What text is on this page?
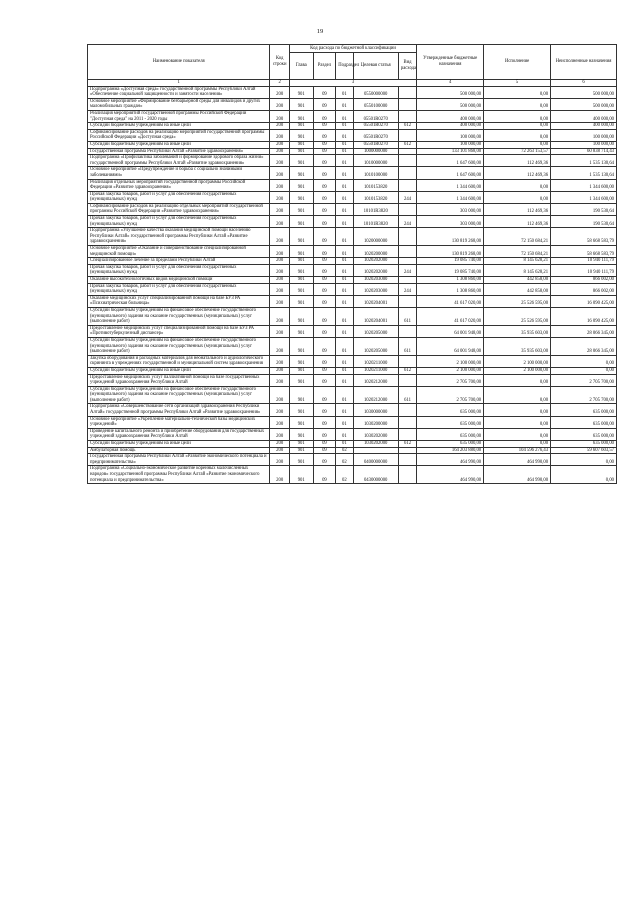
19
Наименование показателя	Код строки	Код расхода по бюджетной классификации					Утвержденные бюджетные назначения	Исполнение	Неисполненные назначения
		Глава	Раздел	Подраздел	Целевая статья	Вид расхода			
1	2	3					4	5	6
Подпрограмма «Доступная среда» государственной программы Республики Алтай «Обеспечение социальной защищенности и занятости населения»	200	901	09	01	0550000000		500 000,00	0,00	500 000,00
Основное мероприятие «Формирование безбарьерной среды для инвалидов и других маломобильных граждан»	200	901	09	01	0550100000		500 000,00	0,00	500 000,00
Реализация мероприятий государственной программы Российской Федерации "Доступная среда" на 2011 - 2020 годы	200	901	09	01	05501R0270		400 000,00	0,00	400 000,00
Субсидии бюджетным учреждениям на иные цели	200	901	09	01	05501R0270	612	400 000,00	0,00	400 000,00
Софинансирование расходов на реализацию мероприятий государственной программы Российской Федерации «Доступная среда»	200	901	09	01	05501R0270		100 000,00	0,00	100 000,00
Субсидии бюджетным учреждениям на иные цели	200	901	09	01	05501R0270	612	100 000,00	0,00	100 000,00
Государственная программа Республики Алтай «Развитие здравоохранения»	200	901	09	01	1000000000		133 101 868,00	72 263 153,57	60 838 714,43
Подпрограмма «Профилактика заболеваний и формирование здорового образа жизни» государственной программы Республики Алтай «Развитие здравоохранения»	200	901	09	01	1010000000		1 647 600,00	112 469,36	1 535 130,64
Основное мероприятие «Предупреждение и борьба с социально значимыми заболеваниями»	200	901	09	01	1010100000		1 647 600,00	112 469,36	1 535 130,64
Реализация отдельных мероприятий государственной программы Российской Федерации «Развитие здравоохранения»	200	901	09	01	1010153820		1 344 600,00	0,00	1 344 600,00
Прочая закупка товаров, работ и услуг для обеспечения государственных (муниципальных) нужд	200	901	09	01	1010153820	244	1 344 600,00	0,00	1 344 600,00
Софинансирование расходов на реализацию отдельных мероприятий государственной программы Российской Федерации «Развитие здравоохранения»	200	901	09	01	10101R3820		303 000,00	112 469,36	190 530,64
Прочая закупка товаров, работ и услуг для обеспечения государственных (муниципальных) нужд	200	901	09	01	10101R3820	244	303 000,00	112 469,36	190 530,64
Подпрограмма «Улучшение качества оказания медицинской помощи населению Республики Алтай» государственной программы Республики Алтай «Развитие здравоохранения»	200	901	09	01	1020000000		130 819 268,00	72 150 684,21	58 668 583,79
Основное мероприятие «Оказание и совершенствование специализированной медицинской помощи»	200	901	09	01	1020200000		130 819 268,00	72 150 684,21	58 668 583,79
Специализированное лечение за пределами Республики Алтай	200	901	09	01	1020202000		19 085 740,00	8 145 628,21	10 940 111,79
Прочая закупка товаров, работ и услуг для обеспечения государственных (муниципальных) нужд	200	901	09	01	1020202000	244	19 085 740,00	8 145 628,21	10 940 111,79
Оказание высокотехнологичных видов медицинской помощи	200	901	09	01	1020203000		1 308 860,00	442 858,00	866 002,00
Прочая закупка товаров, работ и услуг для обеспечения государственных (муниципальных) нужд	200	901	09	01	1020203000	244	1 308 860,00	442 858,00	866 002,00
Оказание медицинских услуг специализированной помощи на базе БУЗ РА «Психиатрическая больница»	200	901	09	01	1020204001		41 617 020,00	25 526 595,00	16 090 425,00
Субсидии бюджетным учреждениям на финансовое обеспечение государственного (муниципального) задания на оказание государственных (муниципальных) услуг (выполнение работ)	200	901	09	01	1020204001	611	41 617 020,00	25 526 595,00	16 090 425,00
Предоставление медицинских услуг специализированной помощи на базе БУЗ РА «Противотуберкулезный диспансер»	200	901	09	01	1020205000		64 001 948,00	35 935 603,00	28 066 345,00
Субсидии бюджетным учреждениям на финансовое обеспечение государственного (муниципального) задания на оказание государственных (муниципальных) услуг (выполнение работ)	200	901	09	01	1020205000	611	64 001 948,00	35 935 603,00	28 066 345,00
Закупка оборудования и расходных материалов для неонатального и аудиологического скрининга в учреждениях государственной и муниципальной систем здравоохранения	200	901	09	01	1020211000		2 100 000,00	2 100 000,00	0,00
Субсидии бюджетным учреждениям на иные цели	200	901	09	01	1020211000	612	2 100 000,00	2 100 000,00	0,00
Предоставление медицинских услуг паллиативной помощи на базе государственных учреждений здравоохранения Республики Алтай	200	901	09	01	1020212000		2 705 700,00	0,00	2 705 700,00
Субсидии бюджетным учреждениям на финансовое обеспечение государственного (муниципального) задания на оказание государственных (муниципальных) услуг (выполнение работ)	200	901	09	01	1020212000	611	2 705 700,00	0,00	2 705 700,00
Подпрограмма «Совершенствование сети организаций здравоохранения Республики Алтай» государственной программы Республики Алтай «Развитие здравоохранения»	200	901	09	01	1030000000		635 000,00	0,00	635 000,00
Основное мероприятие «Укрепление материально-технической базы медицинских учреждений»	200	901	09	01	1030200000		635 000,00	0,00	635 000,00
Проведение капитального ремонта и приобретение оборудования для государственных учреждений здравоохранения Республики Алтай	200	901	09	01	1030202000		635 000,00	0,00	635 000,00
Субсидии бюджетным учреждениям на иные цели	200	901	09	01	1030202000	612	635 000,00	0,00	635 000,00
Амбулаторная помощь	200	901	09	02			164 203 880,00	104 596 276,43	59 607 603,57
Государственная программа Республики Алтай «Развитие экономического потенциала и предпринимательства»	200	901	09	02	0400000000		464 990,00	464 990,00	0,00
Подпрограмма «Социально-экономическое развитие коренных малочисленных народов» государственной программы Республики Алтай «Развитие экономического потенциала и предпринимательства»	200	901	09	02	0430000000		464 990,00	464 990,00	0,00
